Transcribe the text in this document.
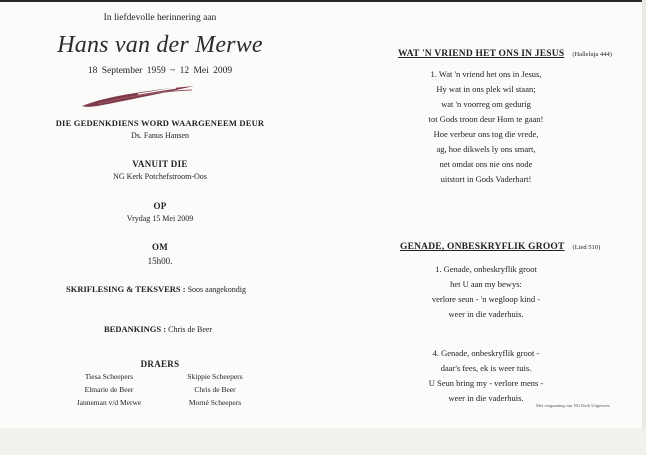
In liefdevolle herinnering aan
Hans van der Merwe
18 September 1959 ~ 12 Mei 2009
DIE GEDENKDIENS WORD WAARGENEEM DEUR
Ds. Fanus Hansen
VANUIT DIE
NG Kerk Potchefstroom-Oos
OP
Vrydag 15 Mei 2009
OM
15h00.
SKRIFLESING & TEKSVERS : Soos aangekondig
BEDANKINGS : Chris de Beer
DRAERS
Tiesa Scheepers
Elmarie de Beer
Janneman v/d Merwe
Skippie Scheepers
Chris de Beer
Morné Scheepers
WAT 'N VRIEND HET ONS IN JESUS (Halleluja 444)
1. Wat 'n vriend het ons in Jesus,
Hy wat in ons plek wil staan;
wat 'n voorreg om gedurig
tot Gods troon deur Hom te gaan!
Hoe verbeur ons tog die vrede,
ag, hoe dikwels ly ons smart,
net omdat ons nie ons node
uitstort in Gods Vaderhart!
GENADE, ONBESKRYFLIK GROOT (Lied 510)
1. Genade, onbeskryflik groot
het U aan my bewys:
verlore seun - 'n wegloop kind -
weer in die vaderhuis.
4. Genade, onbeskryflik groot -
daar's fees, ek is weer tuis.
U Seun bring my - verlore mens -
weer in die vaderhuis.
Met vergunning van NG Kerk Uitgewers
